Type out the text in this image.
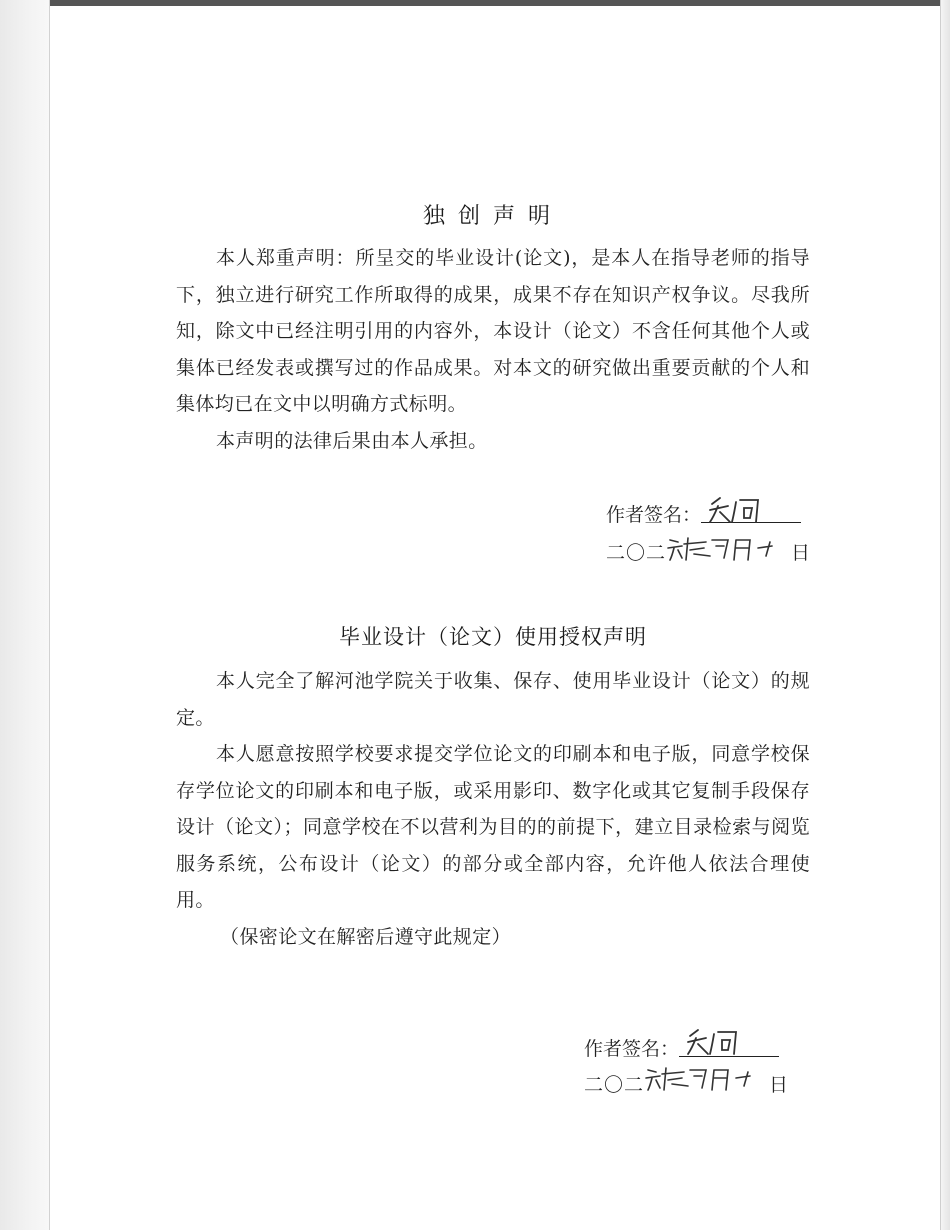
独创声明

本人郑重声明：所呈交的毕业设计(论文)，是本人在指导老师的指导下，独立进行研究工作所取得的成果，成果不存在知识产权争议。尽我所知，除文中已经注明引用的内容外，本设计（论文）不含任何其他个人或集体已经发表或撰写过的作品成果。对本文的研究做出重要贡献的个人和集体均已在文中以明确方式标明。

本声明的法律后果由本人承担。

作者签名：
二〇二	日
毕业设计（论文）使用授权声明

本人完全了解河池学院关于收集、保存、使用毕业设计（论文）的规定。

本人愿意按照学校要求提交学位论文的印刷本和电子版，同意学校保存学位论文的印刷本和电子版，或采用影印、数字化或其它复制手段保存设计（论文）；同意学校在不以营利为目的的前提下，建立目录检索与阅览服务系统，公布设计（论文）的部分或全部内容，允许他人依法合理使用。

（保密论文在解密后遵守此规定）

作者签名：
二〇二	日
